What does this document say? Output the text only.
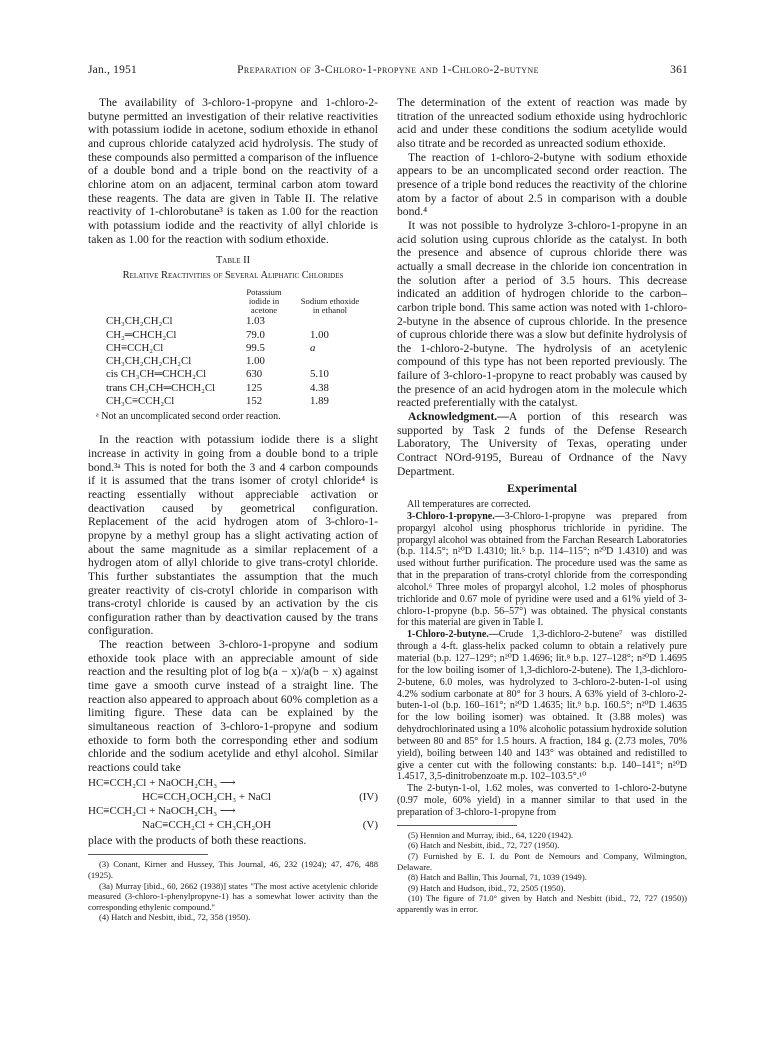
Jan., 1951	Preparation of 3-Chloro-1-propyne and 1-Chloro-2-butyne	361

The availability of 3-chloro-1-propyne and 1-chloro-2-butyne permitted an investigation of their relative reactivities with potassium iodide in acetone, sodium ethoxide in ethanol and cuprous chloride catalyzed acid hydrolysis. The study of these compounds also permitted a comparison of the influence of a double bond and a triple bond on the reactivity of a chlorine atom on an adjacent, terminal carbon atom toward these reagents. The data are given in Table II. The relative reactivity of 1-chlorobutane³ is taken as 1.00 for the reaction with potassium iodide and the reactivity of allyl chloride is taken as 1.00 for the reaction with sodium ethoxide.

Table II
Relative Reactivities of Several Aliphatic Chlorides
	Potassium iodide in acetone	Sodium ethoxide in ethanol
CH₃CH₂CH₂Cl	1.03	
CH₂═CHCH₂Cl	79.0	1.00
CH≡CCH₂Cl	99.5	a
CH₃CH₂CH₂CH₂Cl	1.00	
cis CH₃CH═CHCH₂Cl	630	5.10
trans CH₃CH═CHCH₂Cl	125	4.38
CH₃C≡CCH₂Cl	152	1.89
ᵃ Not an uncomplicated second order reaction.

In the reaction with potassium iodide there is a slight increase in activity in going from a double bond to a triple bond.³ᵃ This is noted for both the 3 and 4 carbon compounds if it is assumed that the trans isomer of crotyl chloride⁴ is reacting essentially without appreciable activation or deactivation caused by geometrical configuration. Replacement of the acid hydrogen atom of 3-chloro-1-propyne by a methyl group has a slight activating action of about the same magnitude as a similar replacement of a hydrogen atom of allyl chloride to give trans-crotyl chloride. This further substantiates the assumption that the much greater reactivity of cis-crotyl chloride in comparison with trans-crotyl chloride is caused by an activation by the cis configuration rather than by deactivation caused by the trans configuration.

The reaction between 3-chloro-1-propyne and sodium ethoxide took place with an appreciable amount of side reaction and the resulting plot of log b(a − x)/a(b − x) against time gave a smooth curve instead of a straight line. The reaction also appeared to approach about 60% completion as a limiting figure. These data can be explained by the simultaneous reaction of 3-chloro-1-propyne and sodium ethoxide to form both the corresponding ether and sodium chloride and the sodium acetylide and ethyl alcohol. Similar reactions could take

HC≡CCH₂Cl + NaOCH₂CH₃ ⟶
HC≡CCH₂OCH₂CH₃ + NaCl	(IV)
HC≡CCH₂Cl + NaOCH₂CH₃ ⟶
NaC≡CCH₂Cl + CH₃CH₂OH	(V)

place with the products of both these reactions.

(3) Conant, Kirner and Hussey, This Journal, 46, 232 (1924); 47, 476, 488 (1925).

(3a) Murray [ibid., 60, 2662 (1938)] states "The most active acetylenic chloride measured (3-chloro-1-phenylpropyne-1) has a somewhat lower activity than the corresponding ethylenic compound."

(4) Hatch and Nesbitt, ibid., 72, 358 (1950).

The determination of the extent of reaction was made by titration of the unreacted sodium ethoxide using hydrochloric acid and under these conditions the sodium acetylide would also titrate and be recorded as unreacted sodium ethoxide.

The reaction of 1-chloro-2-butyne with sodium ethoxide appears to be an uncomplicated second order reaction. The presence of a triple bond reduces the reactivity of the chlorine atom by a factor of about 2.5 in comparison with a double bond.⁴

It was not possible to hydrolyze 3-chloro-1-propyne in an acid solution using cuprous chloride as the catalyst. In both the presence and absence of cuprous chloride there was actually a small decrease in the chloride ion concentration in the solution after a period of 3.5 hours. This decrease indicated an addition of hydrogen chloride to the carbon–carbon triple bond. This same action was noted with 1-chloro-2-butyne in the absence of cuprous chloride. In the presence of cuprous chloride there was a slow but definite hydrolysis of the 1-chloro-2-butyne. The hydrolysis of an acetylenic compound of this type has not been reported previously. The failure of 3-chloro-1-propyne to react probably was caused by the presence of an acid hydrogen atom in the molecule which reacted preferentially with the catalyst.

Acknowledgment.—A portion of this research was supported by Task 2 funds of the Defense Research Laboratory, The University of Texas, operating under Contract NOrd-9195, Bureau of Ordnance of the Navy Department.

Experimental

All temperatures are corrected.

3-Chloro-1-propyne.—3-Chloro-1-propyne was prepared from propargyl alcohol using phosphorus trichloride in pyridine. The propargyl alcohol was obtained from the Farchan Research Laboratories (b.p. 114.5°; n²⁰D 1.4310; lit.⁵ b.p. 114–115°; n²⁰D 1.4310) and was used without further purification. The procedure used was the same as that in the preparation of trans-crotyl chloride from the corresponding alcohol.⁶ Three moles of propargyl alcohol, 1.2 moles of phosphorus trichloride and 0.67 mole of pyridine were used and a 61% yield of 3-chloro-1-propyne (b.p. 56–57°) was obtained. The physical constants for this material are given in Table I.

1-Chloro-2-butyne.—Crude 1,3-dichloro-2-butene⁷ was distilled through a 4-ft. glass-helix packed column to obtain a relatively pure material (b.p. 127–129°; n²⁰D 1.4696; lit.⁸ b.p. 127–128°; n²⁰D 1.4695 for the low boiling isomer of 1,3-dichloro-2-butene). The 1,3-dichloro-2-butene, 6.0 moles, was hydrolyzed to 3-chloro-2-buten-1-ol using 4.2% sodium carbonate at 80° for 3 hours. A 63% yield of 3-chloro-2-buten-1-ol (b.p. 160–161°; n²⁰D 1.4635; lit.⁹ b.p. 160.5°; n²⁰D 1.4635 for the low boiling isomer) was obtained. It (3.88 moles) was dehydrochlorinated using a 10% alcoholic potassium hydroxide solution between 80 and 85° for 1.5 hours. A fraction, 184 g. (2.73 moles, 70% yield), boiling between 140 and 143° was obtained and redistilled to give a center cut with the following constants: b.p. 140–141°; n²⁰D 1.4517, 3,5-dinitrobenzoate m.p. 102–103.5°.¹⁰

The 2-butyn-1-ol, 1.62 moles, was converted to 1-chloro-2-butyne (0.97 mole, 60% yield) in a manner similar to that used in the preparation of 3-chloro-1-propyne from

(5) Hennion and Murray, ibid., 64, 1220 (1942).

(6) Hatch and Nesbitt, ibid., 72, 727 (1950).

(7) Furnished by E. I. du Pont de Nemours and Company, Wilmington, Delaware.

(8) Hatch and Ballin, This Journal, 71, 1039 (1949).

(9) Hatch and Hudson, ibid., 72, 2505 (1950).

(10) The figure of 71.0° given by Hatch and Nesbitt (ibid., 72, 727 (1950)) apparently was in error.
